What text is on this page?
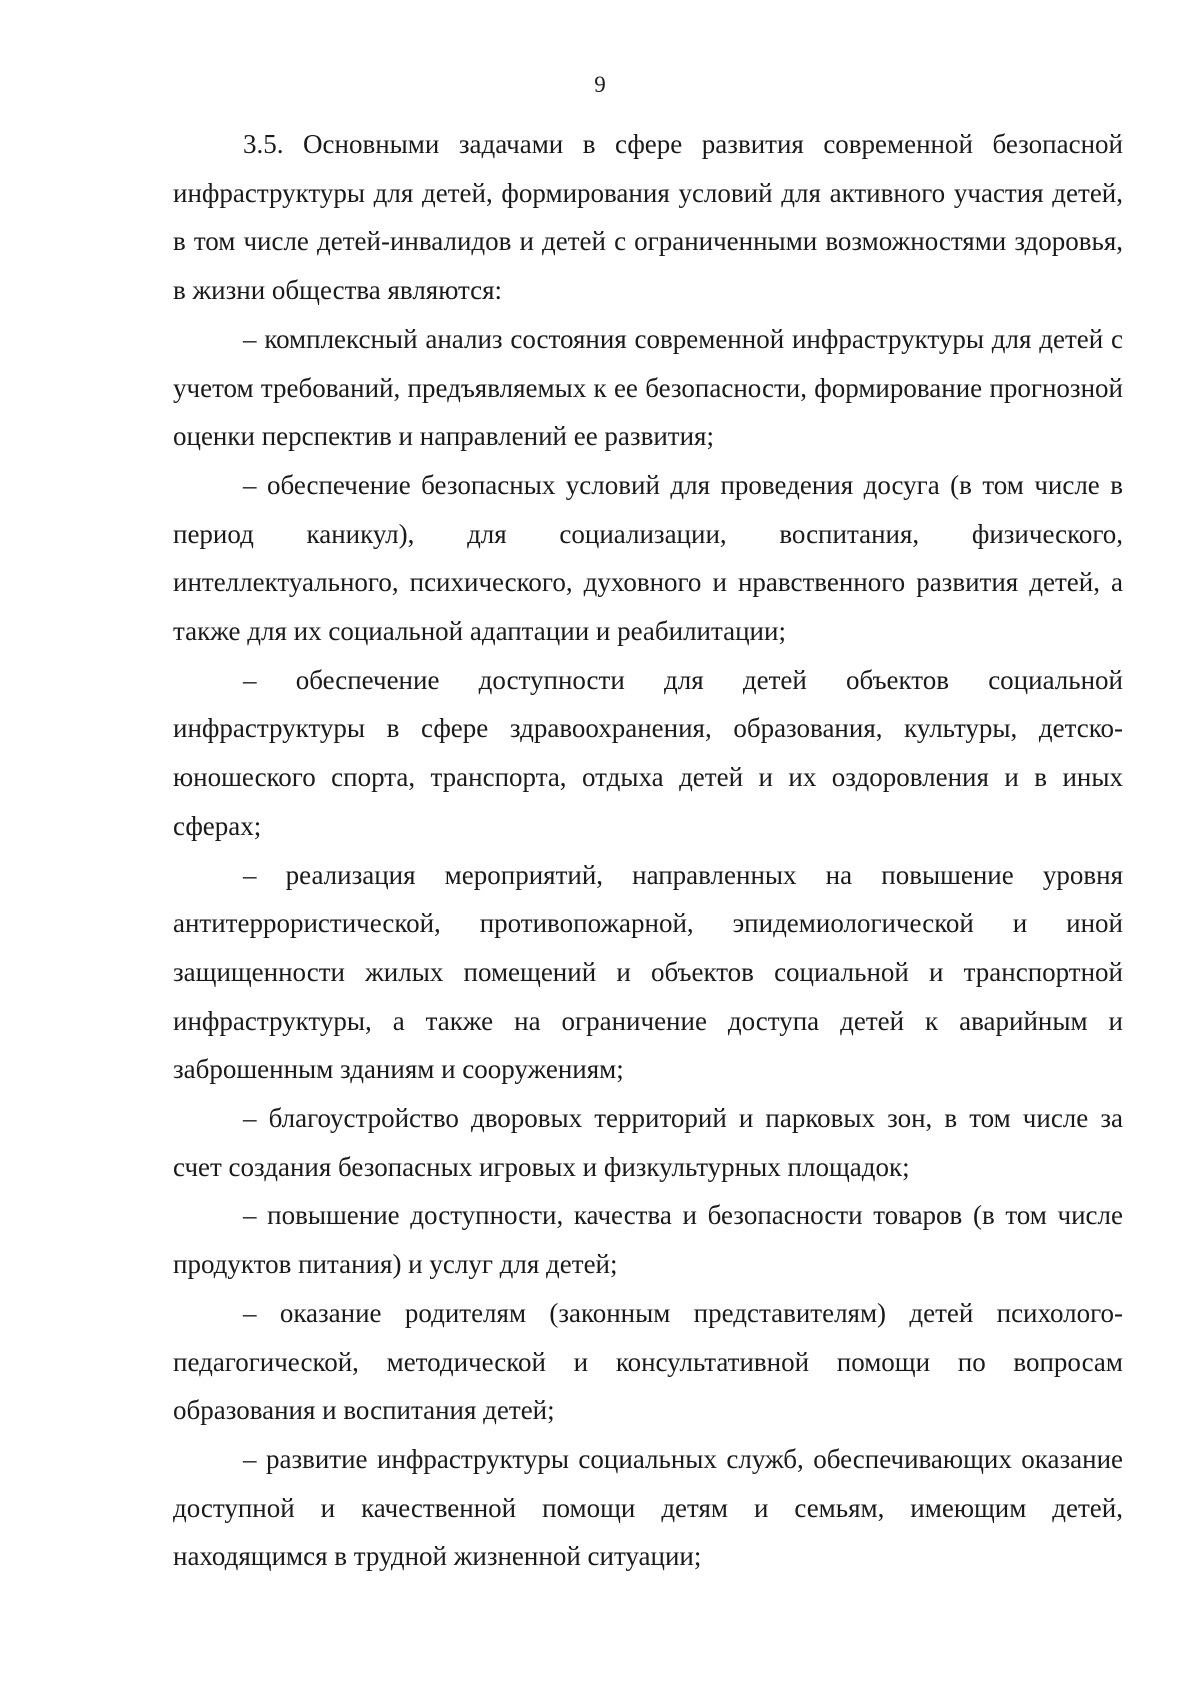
9

3.5. Основными задачами в сфере развития современной безопасной инфраструктуры для детей, формирования условий для активного участия детей, в том числе детей-инвалидов и детей с ограниченными возможностями здоровья, в жизни общества являются:

– комплексный анализ состояния современной инфраструктуры для детей с учетом требований, предъявляемых к ее безопасности, формирование прогнозной оценки перспектив и направлений ее развития;

– обеспечение безопасных условий для проведения досуга (в том числе в период каникул), для социализации, воспитания, физического, интеллектуального, психического, духовного и нравственного развития детей, а также для их социальной адаптации и реабилитации;

– обеспечение доступности для детей объектов социальной инфраструктуры в сфере здравоохранения, образования, культуры, детско-юношеского спорта, транспорта, отдыха детей и их оздоровления и в иных сферах;

– реализация мероприятий, направленных на повышение уровня антитеррористической, противопожарной, эпидемиологической и иной защищенности жилых помещений и объектов социальной и транспортной инфраструктуры, а также на ограничение доступа детей к аварийным и заброшенным зданиям и сооружениям;

– благоустройство дворовых территорий и парковых зон, в том числе за счет создания безопасных игровых и физкультурных площадок;

– повышение доступности, качества и безопасности товаров (в том числе продуктов питания) и услуг для детей;

– оказание родителям (законным представителям) детей психолого-педагогической, методической и консультативной помощи по вопросам образования и воспитания детей;

– развитие инфраструктуры социальных служб, обеспечивающих оказание доступной и качественной помощи детям и семьям, имеющим детей, находящимся в трудной жизненной ситуации;
